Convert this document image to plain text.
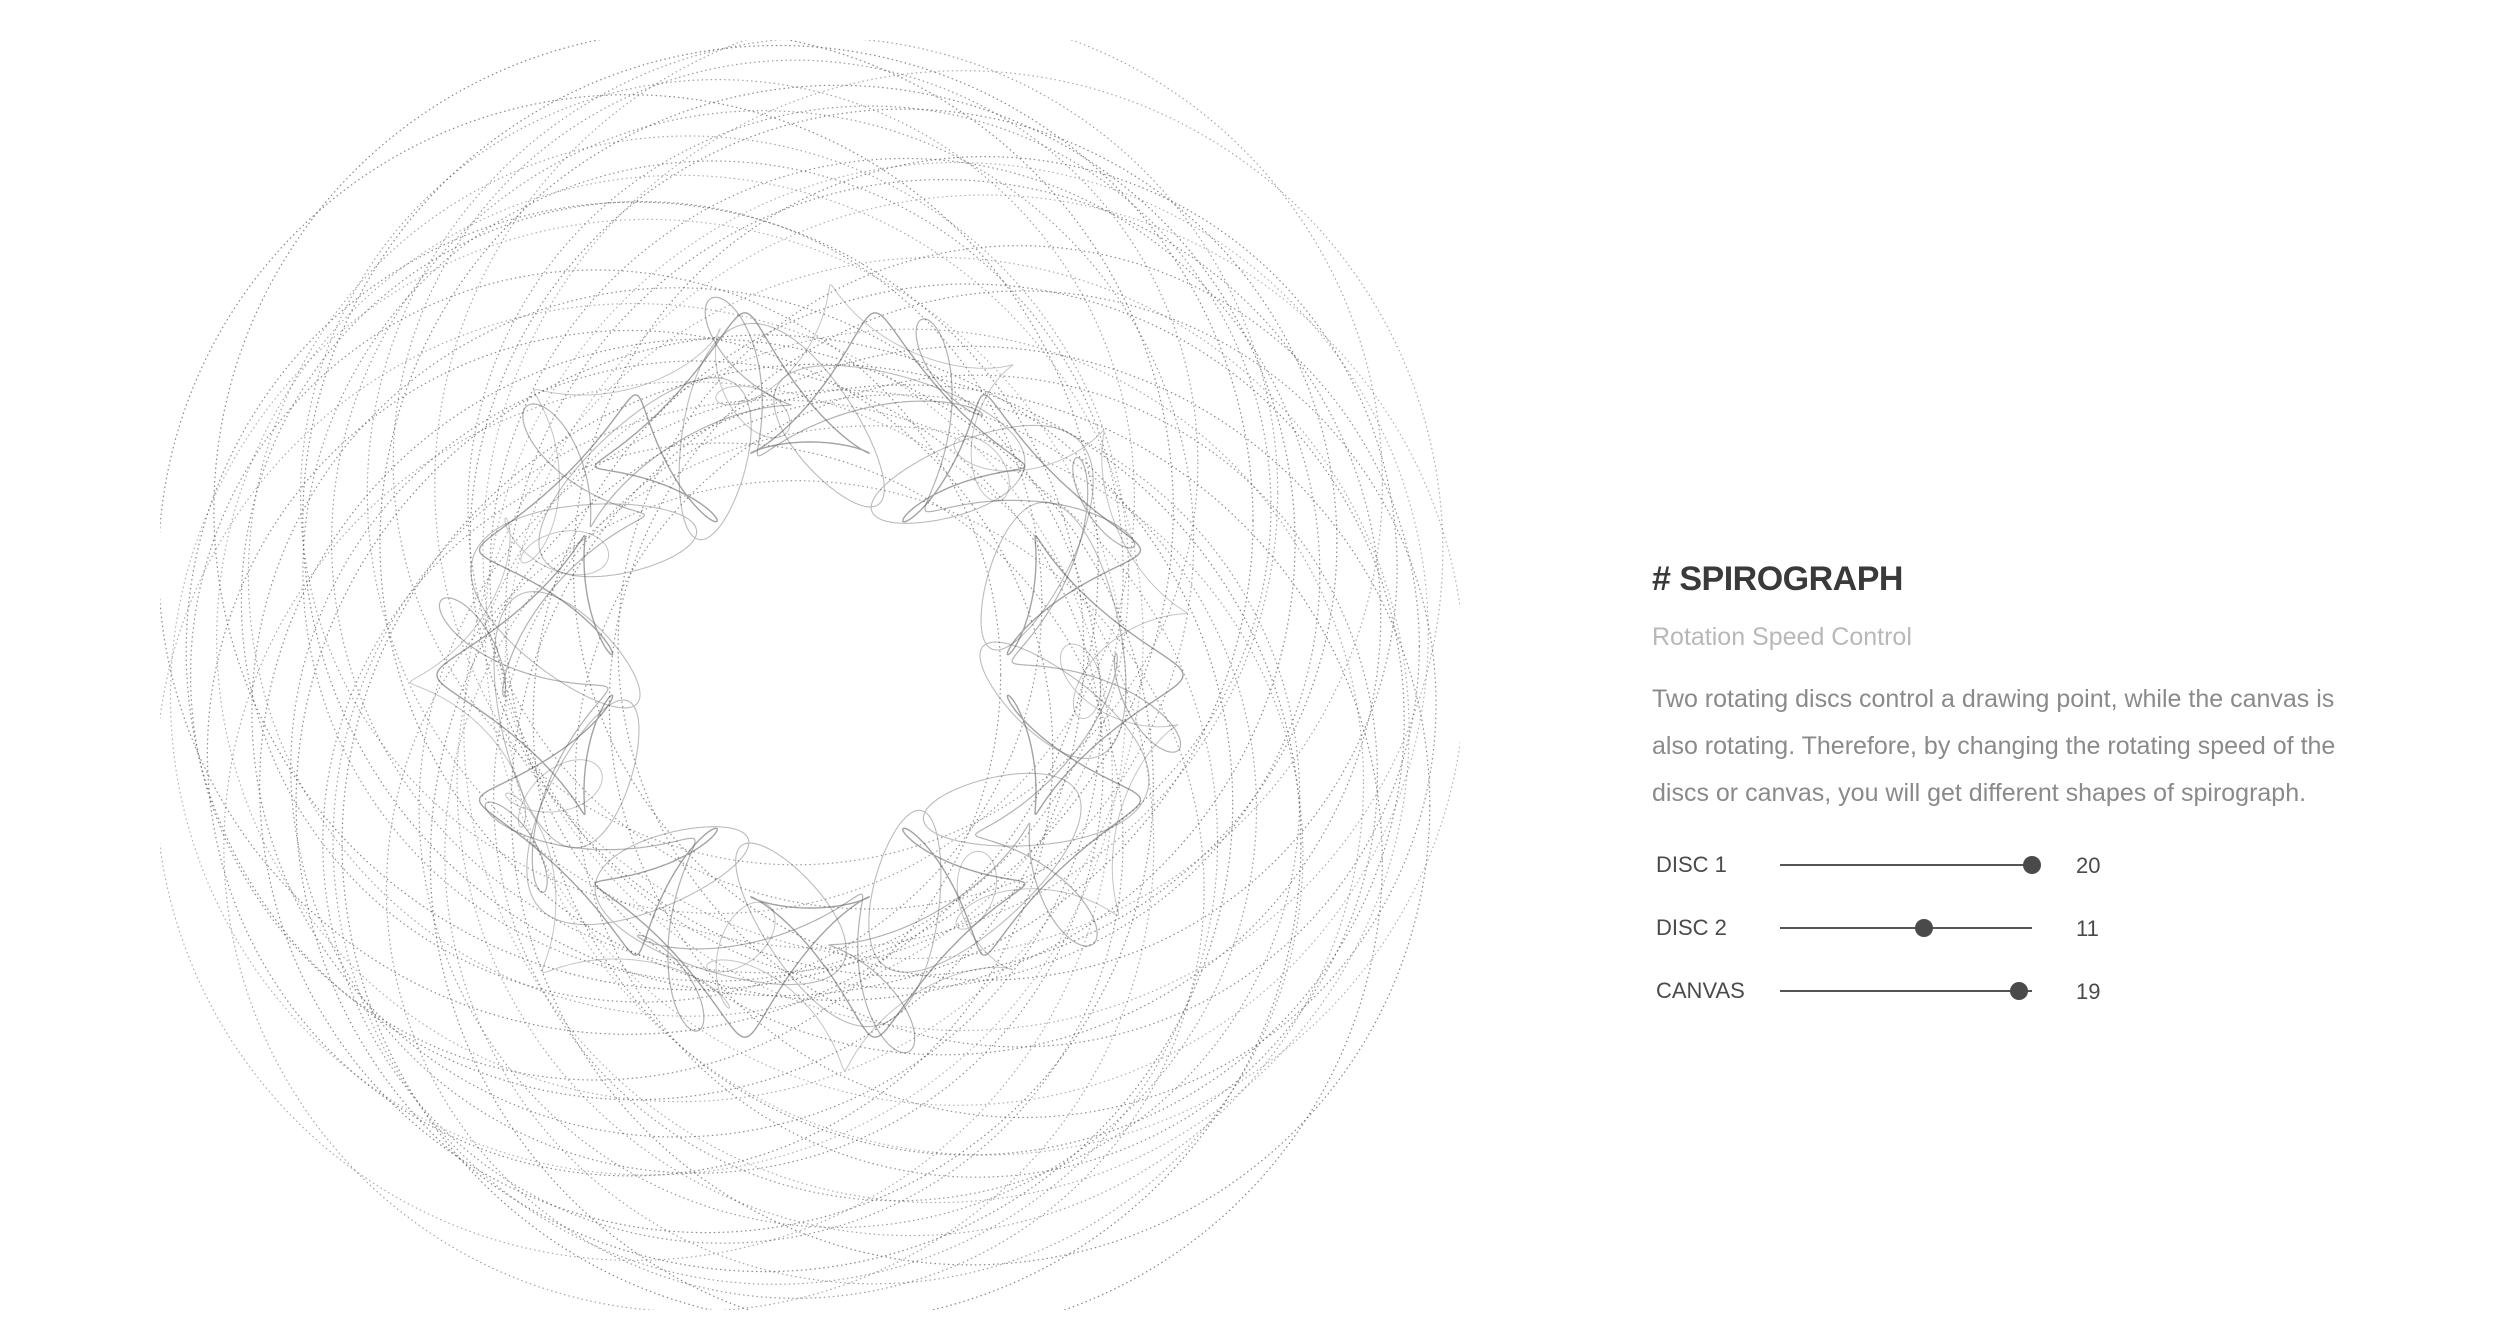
# SPIROGRAPH
Rotation Speed Control
Two rotating discs control a drawing point, while the canvas is also rotating. Therefore, by changing the rotating speed of the discs or canvas, you will get different shapes of spirograph.
DISC 1	20
DISC 2	11
CANVAS	19
